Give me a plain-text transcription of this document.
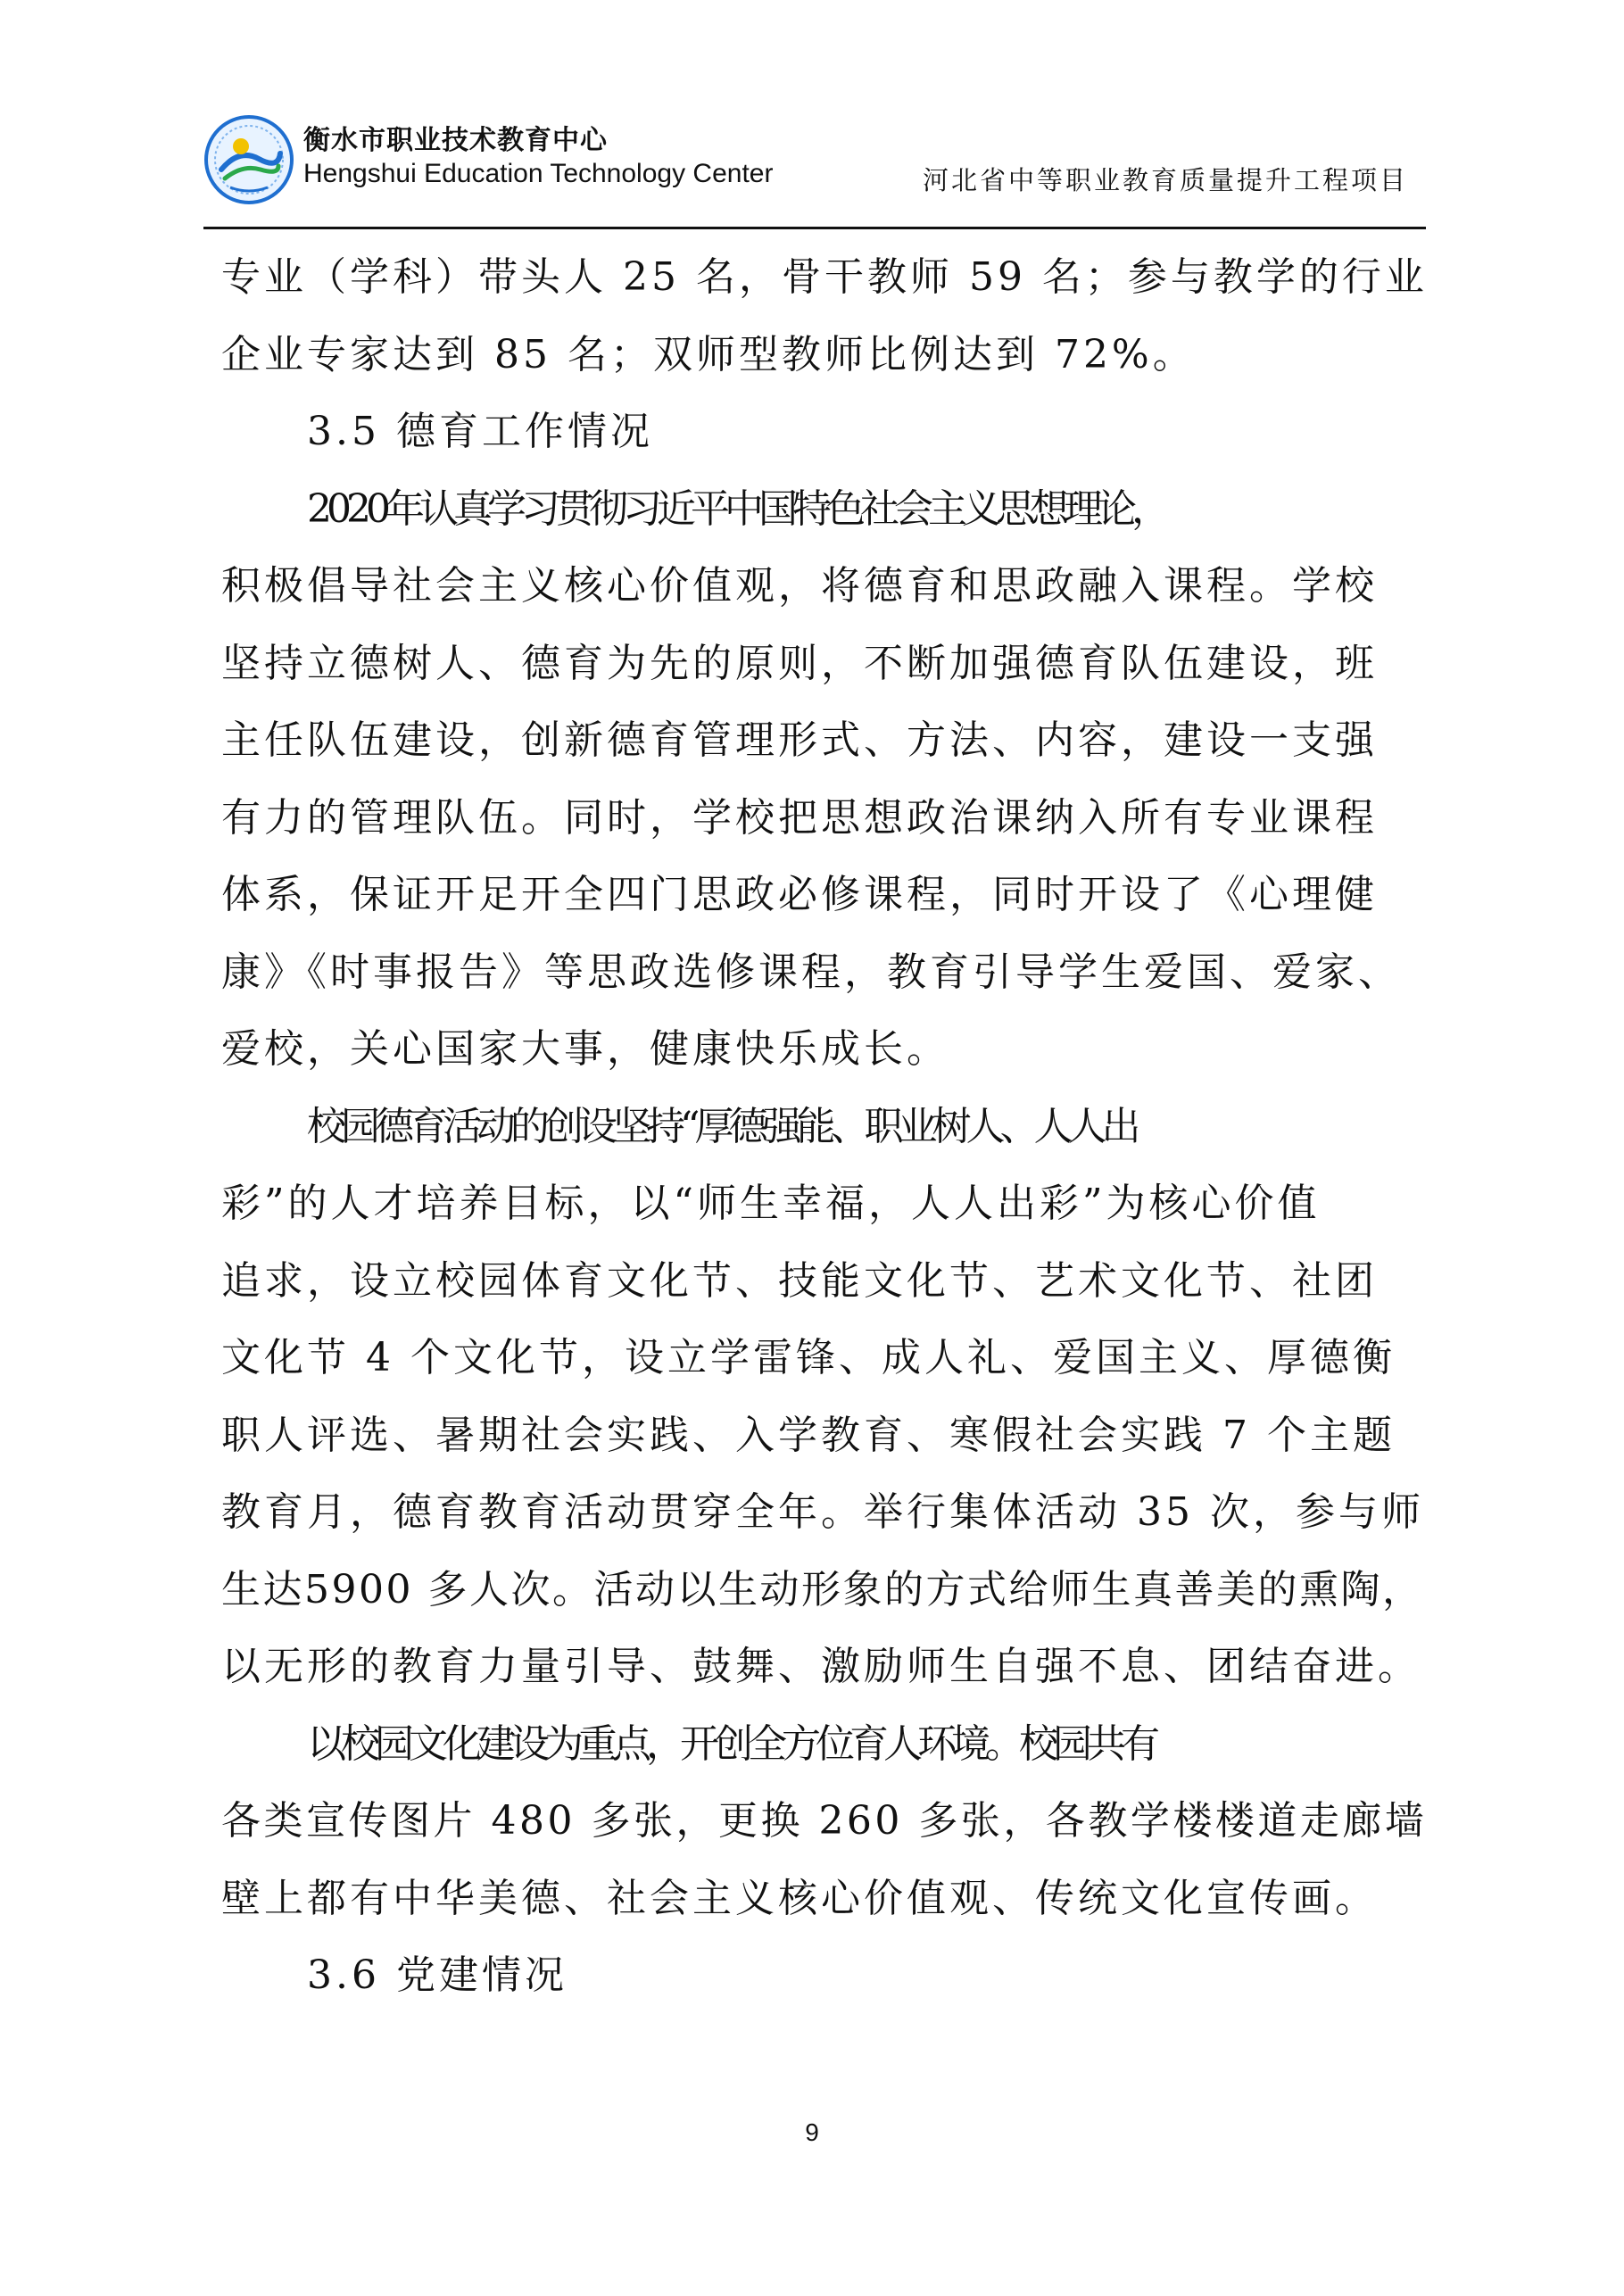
衡水市职业技术教育中心
Hengshui Education Technology Center	河北省中等职业教育质量提升工程项目

专业（学科）带头人 25 名，骨干教师 59 名；参与教学的行业
企业专家达到 85 名；双师型教师比例达到 72%。

3.5 德育工作情况

2020年认真学习贯彻习近平中国特色社会主义思想理论，
积极倡导社会主义核心价值观，将德育和思政融入课程。学校
坚持立德树人、德育为先的原则，不断加强德育队伍建设，班
主任队伍建设，创新德育管理形式、方法、内容，建设一支强
有力的管理队伍。同时，学校把思想政治课纳入所有专业课程
体系，保证开足开全四门思政必修课程，同时开设了《心理健
康》《时事报告》等思政选修课程，教育引导学生爱国、爱家、
爱校，关心国家大事，健康快乐成长。

校园德育活动的创设坚持“厚德强能、职业树人、人人出
彩”的人才培养目标，以“师生幸福，人人出彩”为核心价值
追求，设立校园体育文化节、技能文化节、艺术文化节、社团
文化节 4 个文化节，设立学雷锋、成人礼、爱国主义、厚德衡
职人评选、暑期社会实践、入学教育、寒假社会实践 7 个主题
教育月，德育教育活动贯穿全年。举行集体活动 35 次，参与师
生达5900 多人次。活动以生动形象的方式给师生真善美的熏陶，
以无形的教育力量引导、鼓舞、激励师生自强不息、团结奋进。

以校园文化建设为重点，开创全方位育人环境。校园共有
各类宣传图片 480 多张，更换 260 多张，各教学楼楼道走廊墙
壁上都有中华美德、社会主义核心价值观、传统文化宣传画。

3.6 党建情况

9
